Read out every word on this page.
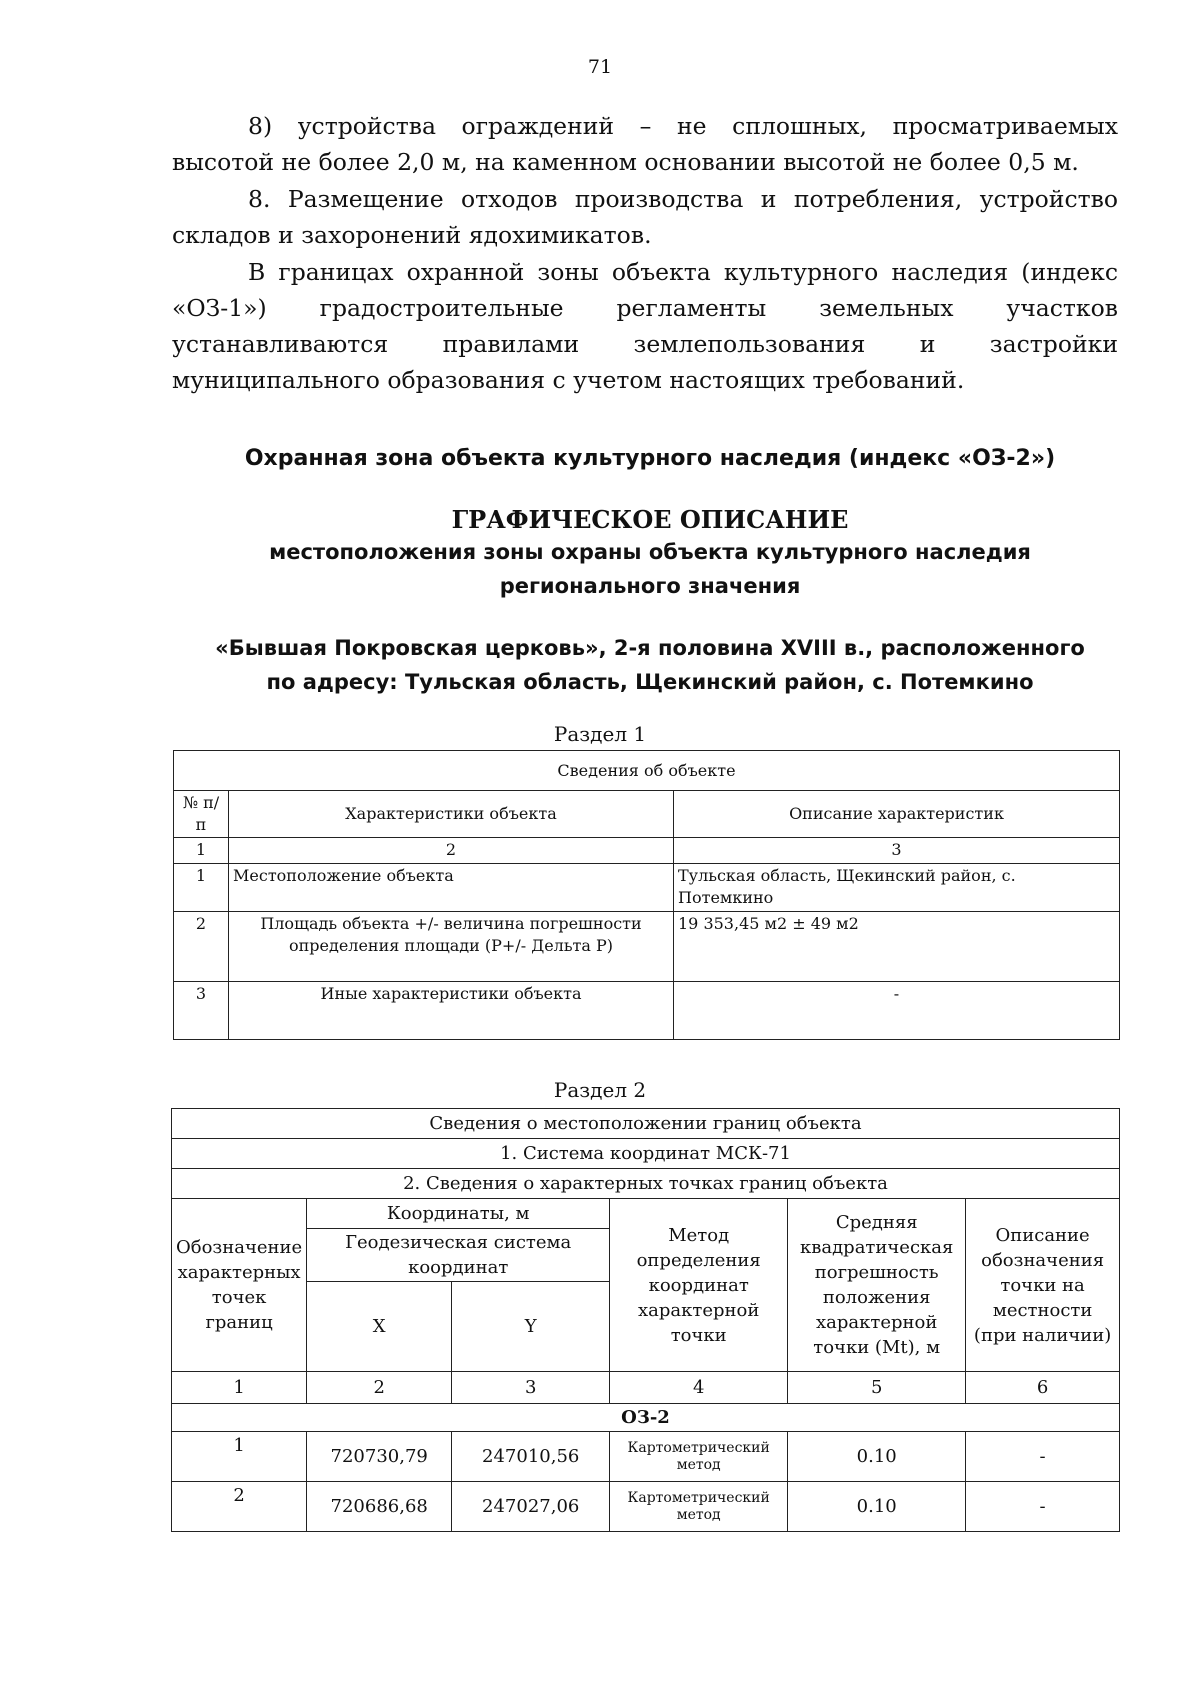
71

8) устройства ограждений – не сплошных, просматриваемых высотой не более 2,0 м, на каменном основании высотой не более 0,5 м.

8. Размещение отходов производства и потребления, устройство складов и захоронений ядохимикатов.

В границах охранной зоны объекта культурного наследия (индекс «ОЗ-1») градостроительные регламенты земельных участков устанавливаются правилами землепользования и застройки муниципального образования с учетом настоящих требований.

Охранная зона объекта культурного наследия (индекс «ОЗ-2»)

ГРАФИЧЕСКОЕ ОПИСАНИЕ

местоположения зоны охраны объекта культурного наследия

регионального значения

«Бывшая Покровская церковь», 2-я половина XVIII в., расположенного

по адресу: Тульская область, Щекинский район, с. Потемкино

Раздел 1
Сведения об объекте		
№ п/п	Характеристики объекта	Описание характеристик
1	2	3
1	Местоположение объекта	Тульская область, Щекинский район, с. Потемкино
2	Площадь объекта +/- величина погрешности определения площади (Р+/- Дельта Р)	19 353,45 м2 ± 49 м2
3	Иные характеристики объекта	-
Раздел 2
Сведения о местоположении границ объекта					
1. Система координат МСК-71					
2. Сведения о характерных точках границ объекта					
Обозначение характерных точек границ	Координаты, м		Метод определения координат характерной точки	Средняя квадратическая погрешность положения характерной точки (Mt), м	Описание обозначения точки на местности (при наличии)
	Геодезическая система координат				
	X	Y			
1	2	3	4	5	6
ОЗ-2					
1	720730,79	247010,56	Картометрический метод	0.10	-
2	720686,68	247027,06	Картометрический метод	0.10	-
